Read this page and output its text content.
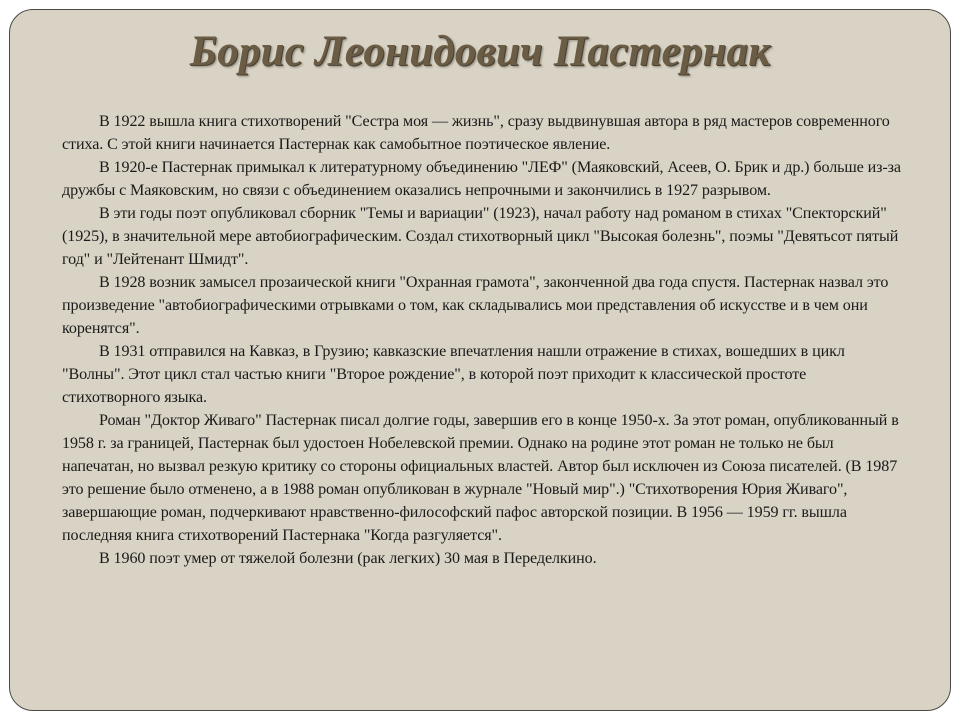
Борис Леонидович Пастернак

В 1922 вышла книга стихотворений "Сестра моя — жизнь", сразу выдвинувшая автора в ряд мастеров современного стиха. С этой книги начинается Пастернак как самобытное поэтическое явление.

В 1920-е Пастернак примыкал к литературному объединению "ЛЕФ" (Маяковский, Асеев, О. Брик и др.) больше из-за дружбы с Маяковским, но связи с объединением оказались непрочными и закончились в 1927 разрывом.

В эти годы поэт опубликовал сборник "Темы и вариации" (1923), начал работу над романом в стихах "Спекторский" (1925), в значительной мере автобиографическим. Создал стихотворный цикл "Высокая болезнь", поэмы "Девятьсот пятый год" и "Лейтенант Шмидт".

В 1928 возник замысел прозаической книги "Охранная грамота", законченной два года спустя. Пастернак назвал это произведение "автобиографическими отрывками о том, как складывались мои представления об искусстве и в чем они коренятся".

В 1931 отправился на Кавказ, в Грузию; кавказские впечатления нашли отражение в стихах, вошедших в цикл "Волны". Этот цикл стал частью книги "Второе рождение", в которой поэт приходит к классической простоте стихотворного языка.

Роман "Доктор Живаго" Пастернак писал долгие годы, завершив его в конце 1950-х. За этот роман, опубликованный в 1958 г. за границей, Пастернак был удостоен Нобелевской премии. Однако на родине этот роман не только не был напечатан, но вызвал резкую критику со стороны официальных властей. Автор был исключен из Союза писателей. (В 1987 это решение было отменено, а в 1988 роман опубликован в журнале "Новый мир".) "Стихотворения Юрия Живаго", завершающие роман, подчеркивают нравственно-философский пафос авторской позиции. В 1956 — 1959 гг. вышла последняя книга стихотворений Пастернака "Когда разгуляется".

В 1960 поэт умер от тяжелой болезни (рак легких) 30 мая в Переделкино.
